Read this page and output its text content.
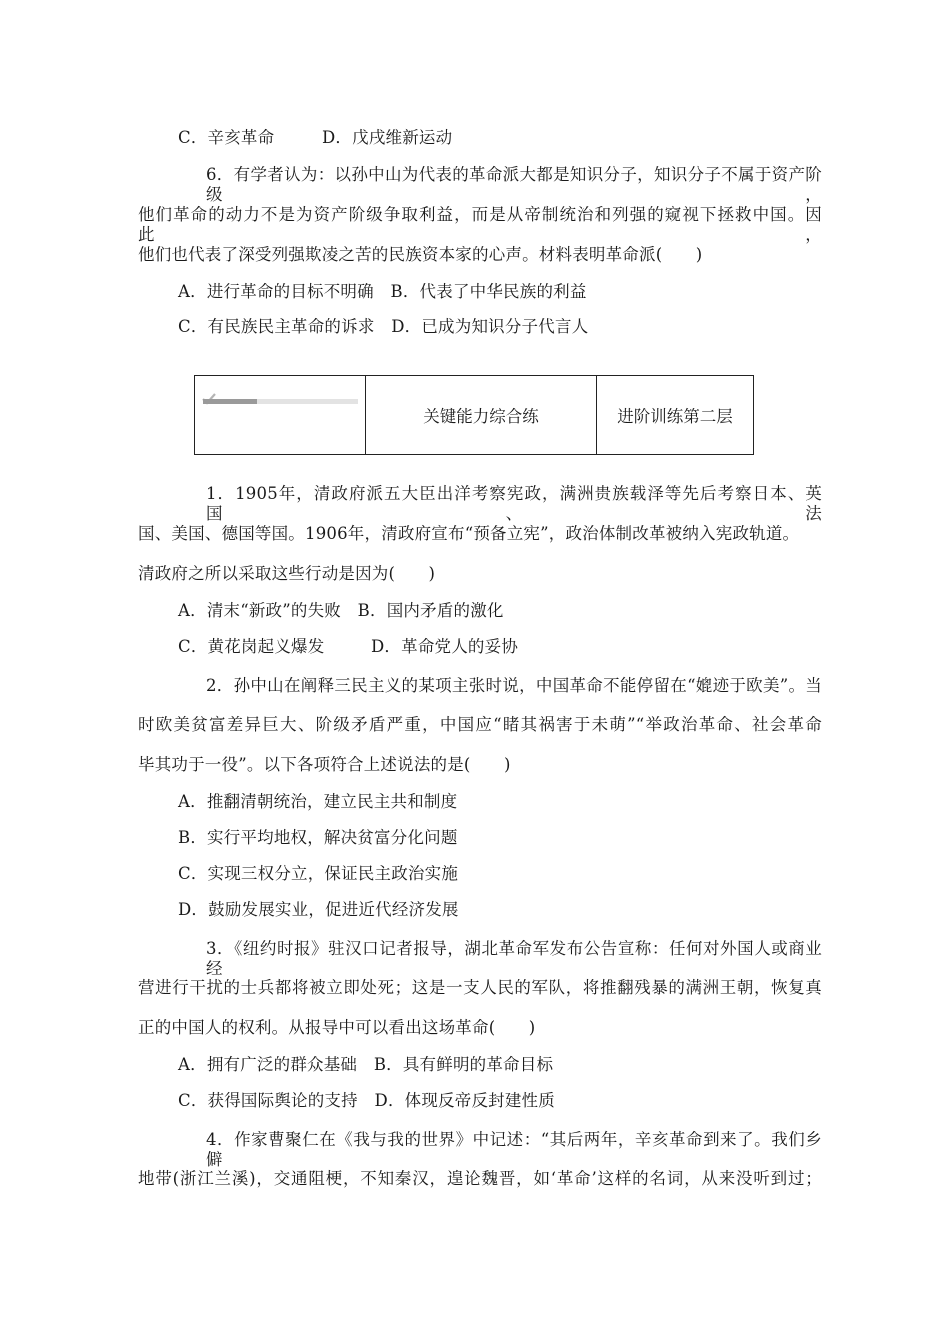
C．辛亥革命	D．戊戌维新运动
6．有学者认为：以孙中山为代表的革命派大都是知识分子，知识分子不属于资产阶级，
他们革命的动力不是为资产阶级争取利益，而是从帝制统治和列强的窥视下拯救中国。因此，
他们也代表了深受列强欺凌之苦的民族资本家的心声。材料表明革命派(　　)
A．进行革命的目标不明确　B．代表了中华民族的利益
C．有民族民主革命的诉求　D．已成为知识分子代言人
关键能力综合练	进阶训练第二层
1．1905年，清政府派五大臣出洋考察宪政，满洲贵族载泽等先后考察日本、英国、法
国、美国、德国等国。1906年，清政府宣布“预备立宪”，政治体制改革被纳入宪政轨道。
清政府之所以采取这些行动是因为(　　)
A．清末“新政”的失败　B．国内矛盾的激化
C．黄花岗起义爆发	D．革命党人的妥协
2．孙中山在阐释三民主义的某项主张时说，中国革命不能停留在“媲迹于欧美”。当
时欧美贫富差异巨大、阶级矛盾严重，中国应“睹其祸害于未萌”“举政治革命、社会革命
毕其功于一役”。以下各项符合上述说法的是(　　)
A．推翻清朝统治，建立民主共和制度
B．实行平均地权，解决贫富分化问题
C．实现三权分立，保证民主政治实施
D．鼓励发展实业，促进近代经济发展
3．《纽约时报》驻汉口记者报导，湖北革命军发布公告宣称：任何对外国人或商业经
营进行干扰的士兵都将被立即处死；这是一支人民的军队，将推翻残暴的满洲王朝，恢复真
正的中国人的权利。从报导中可以看出这场革命(　　)
A．拥有广泛的群众基础　B．具有鲜明的革命目标
C．获得国际舆论的支持　D．体现反帝反封建性质
4．作家曹聚仁在《我与我的世界》中记述：“其后两年，辛亥革命到来了。我们乡僻
地带(浙江兰溪)，交通阻梗，不知秦汉，遑论魏晋，如‘革命’这样的名词，从来没听到过；
